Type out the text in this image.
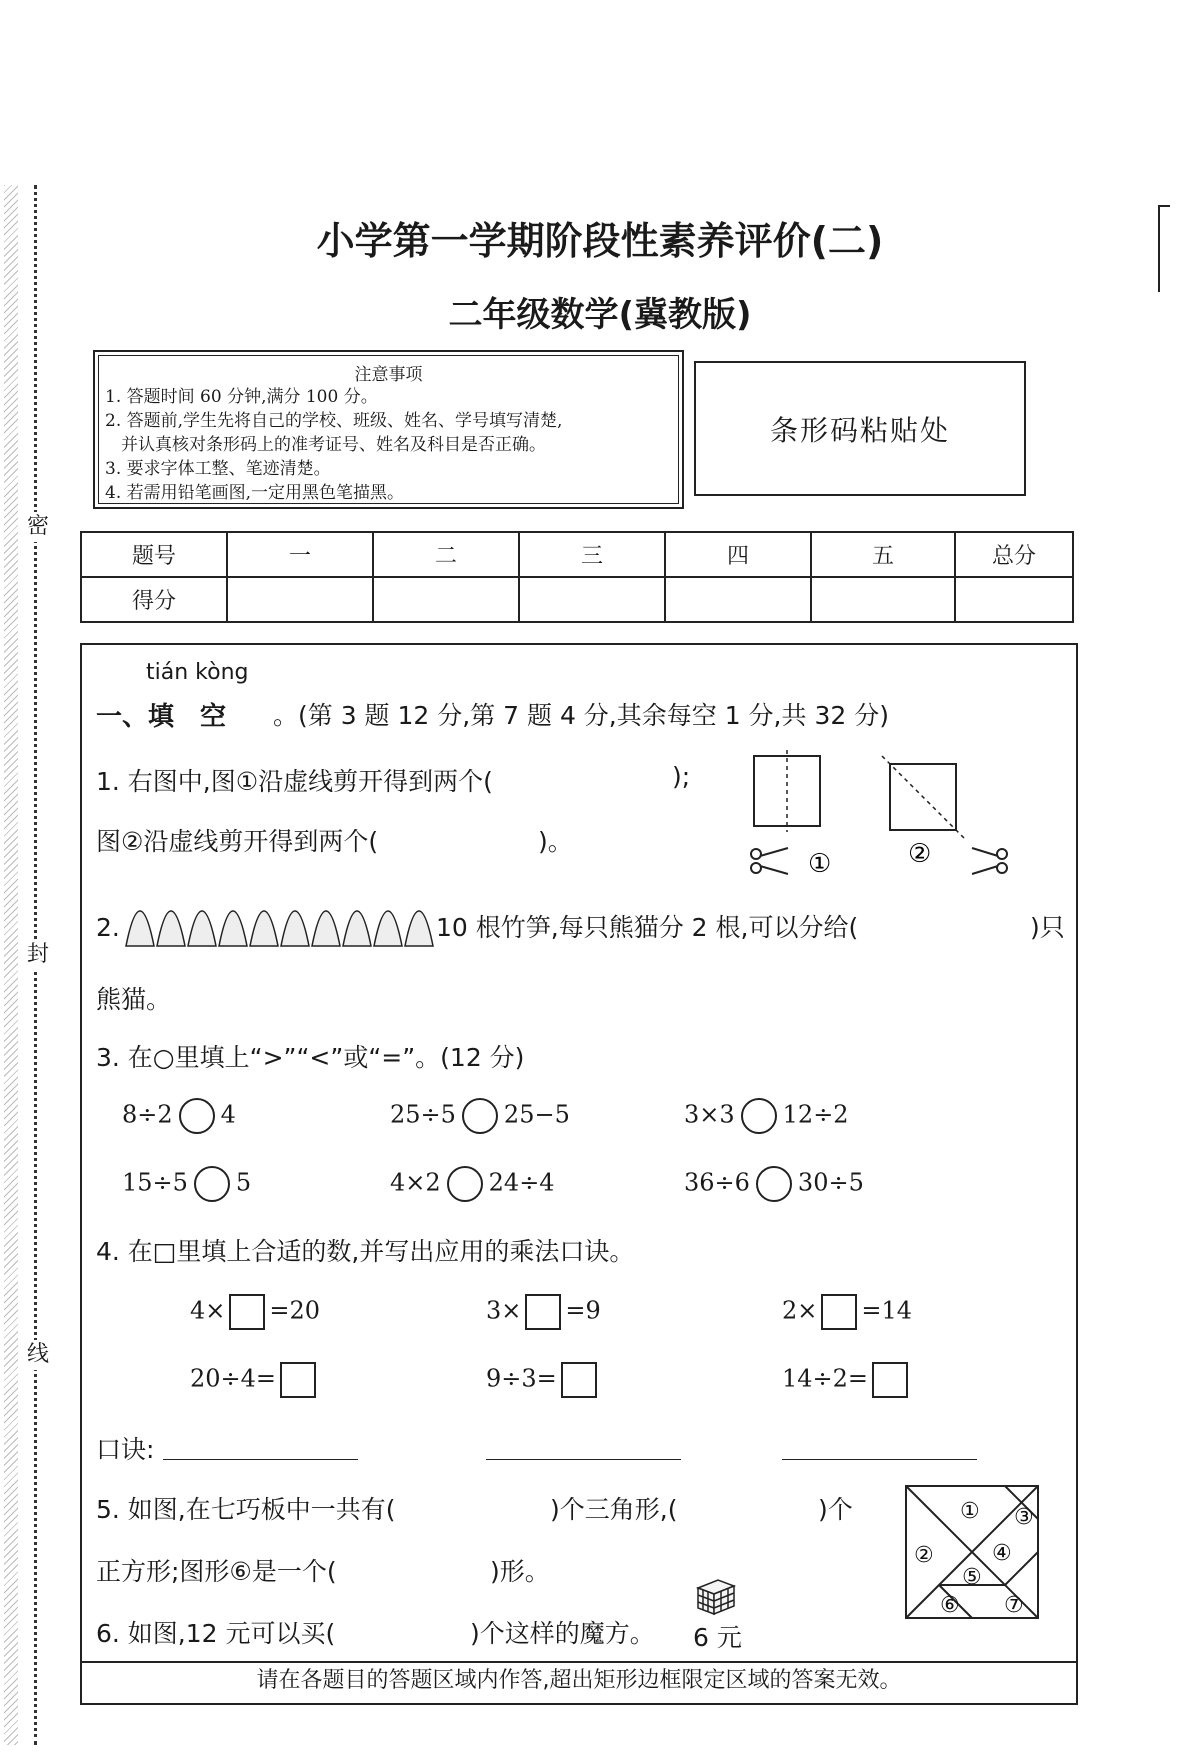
密
封
线
小学第一学期阶段性素养评价(二)
二年级数学(冀教版)
注意事项
1. 答题时间 60 分钟,满分 100 分。
2. 答题前,学生先将自己的学校、班级、姓名、学号填写清楚,
并认真核对条形码上的准考证号、姓名及科目是否正确。
3. 要求字体工整、笔迹清楚。
4. 若需用铅笔画图,一定用黑色笔描黑。
条形码粘贴处
题号	一	二	三	四	五	总分
得分						
tián kòng
一、填　空 。(第 3 题 12 分,第 7 题 4 分,其余每空 1 分,共 32 分)
1. 右图中,图①沿虚线剪开得到两个(	);
图②沿虚线剪开得到两个(	)。
①	②
2.	10 根竹笋,每只熊猫分 2 根,可以分给(	)只
熊猫。
3. 在○里填上“>”“<”或“=”。(12 分)
8÷2 4	25÷5 25−5	3×3 12÷2
15÷5 5	4×2 24÷4	36÷6 30÷5
4. 在□里填上合适的数,并写出应用的乘法口诀。
4× =20	3× =9	2× =14
20÷4=	9÷3=	14÷2=
口诀:
5. 如图,在七巧板中一共有(	)个三角形,(	)个
正方形;图形⑥是一个(	)形。
①
②
③
④
⑤
⑥ ⑦
6. 如图,12 元可以买(	)个这样的魔方。 6 元
请在各题目的答题区域内作答,超出矩形边框限定区域的答案无效。
